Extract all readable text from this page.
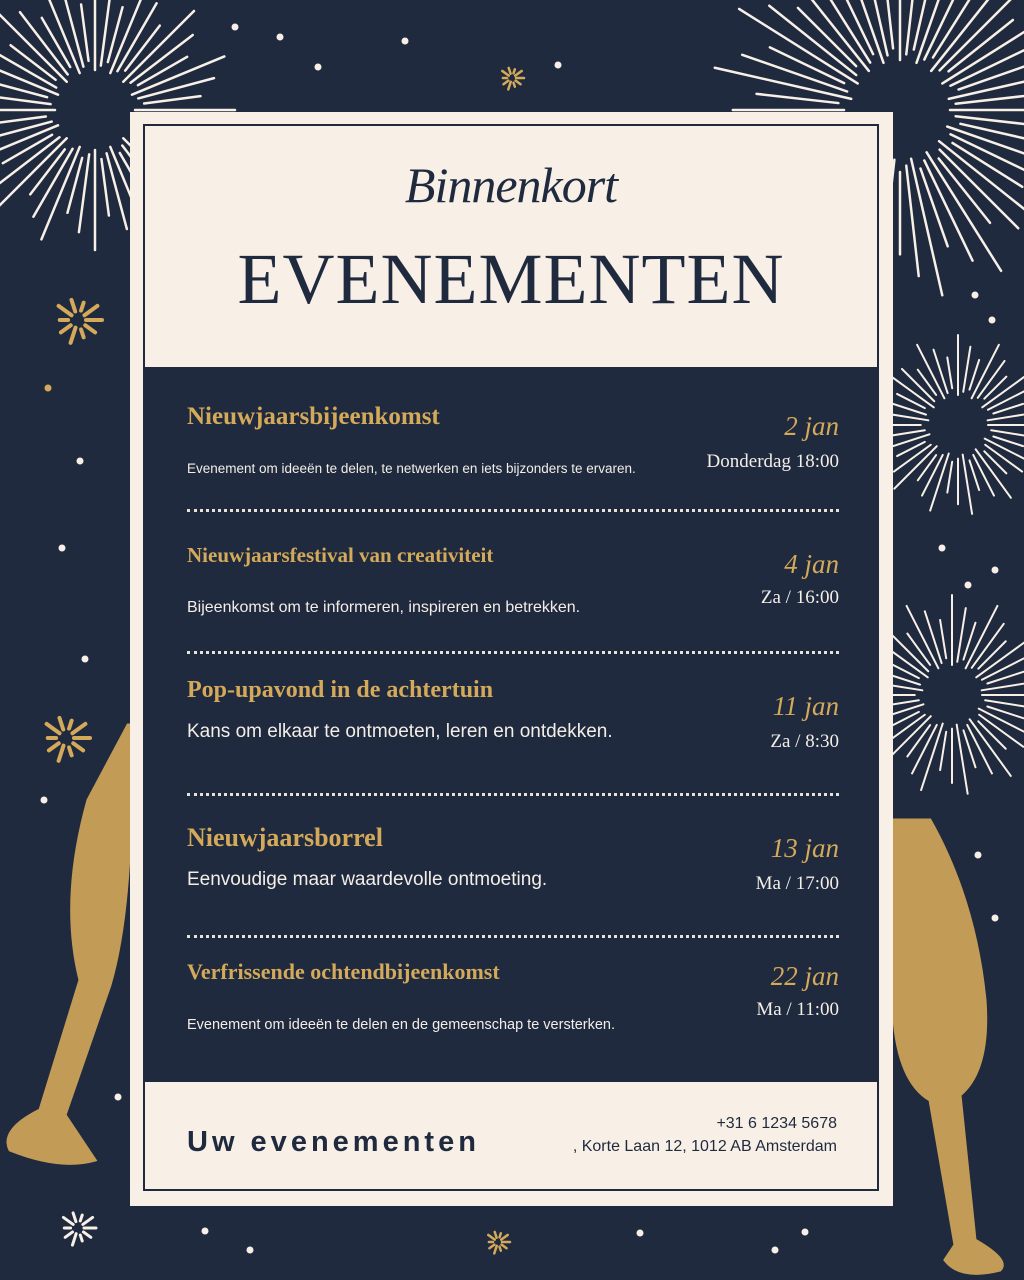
Binnenkort
EVENEMENTEN
Nieuwjaarsbijeenkomst
Evenement om ideeën te delen, te netwerken en iets bijzonders te ervaren.
2 jan
Donderdag 18:00
Nieuwjaarsfestival van creativiteit
Bijeenkomst om te informeren, inspireren en betrekken.
4 jan
Za / 16:00
Pop-upavond in de achtertuin
Kans om elkaar te ontmoeten, leren en ontdekken.
11 jan
Za / 8:30
Nieuwjaarsborrel
Eenvoudige maar waardevolle ontmoeting.
13 jan
Ma / 17:00
Verfrissende ochtendbijeenkomst
Evenement om ideeën te delen en de gemeenschap te versterken.
22 jan
Ma / 11:00
Uw evenementen
+31 6 1234 5678
, Korte Laan 12, 1012 AB Amsterdam
